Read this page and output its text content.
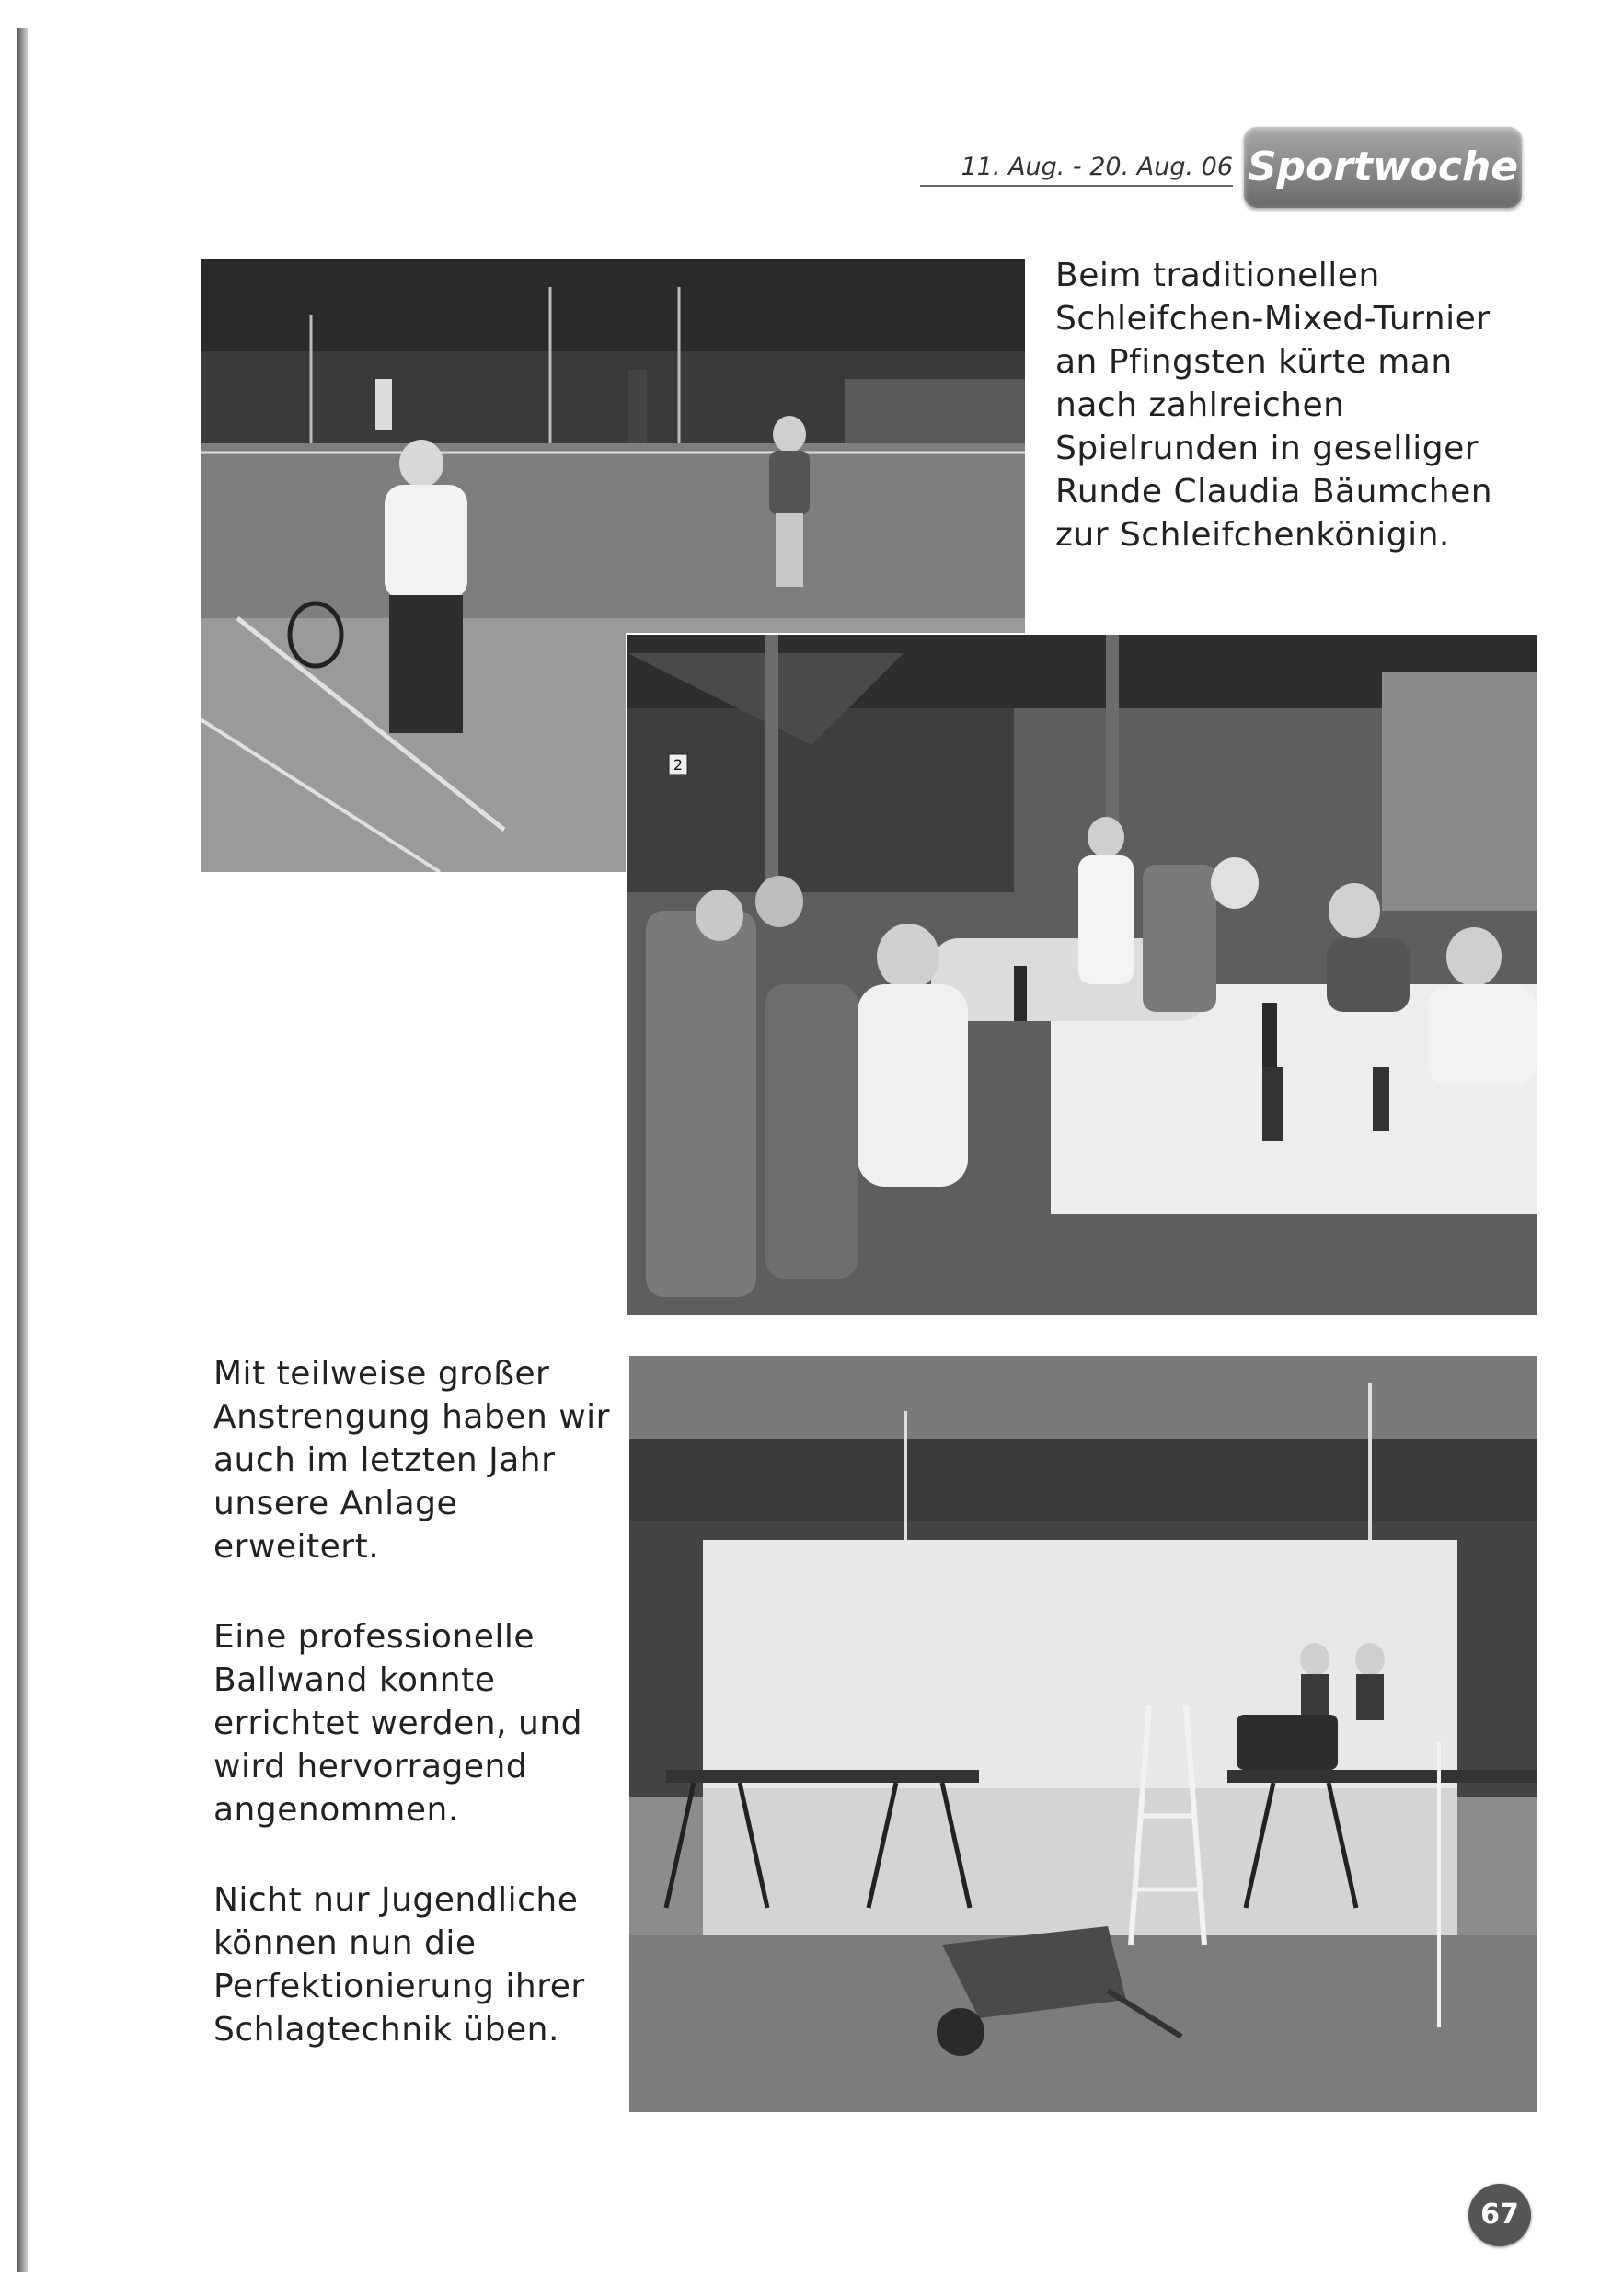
11. Aug. - 20. Aug. 06 Sportwoche
2
Beim traditionellen Schleifchen-Mixed-Turnier an Pfingsten kürte man nach zahlreichen Spielrunden in geselliger Runde Claudia Bäumchen zur Schleifchenkönigin.
Mit teilweise großer Anstrengung haben wir auch im letzten Jahr unsere Anlage erweitert.
Eine professionelle Ballwand konnte errichtet werden, und wird hervorragend angenommen.
Nicht nur Jugendliche können nun die Perfektionierung ihrer Schlagtechnik üben.
67
